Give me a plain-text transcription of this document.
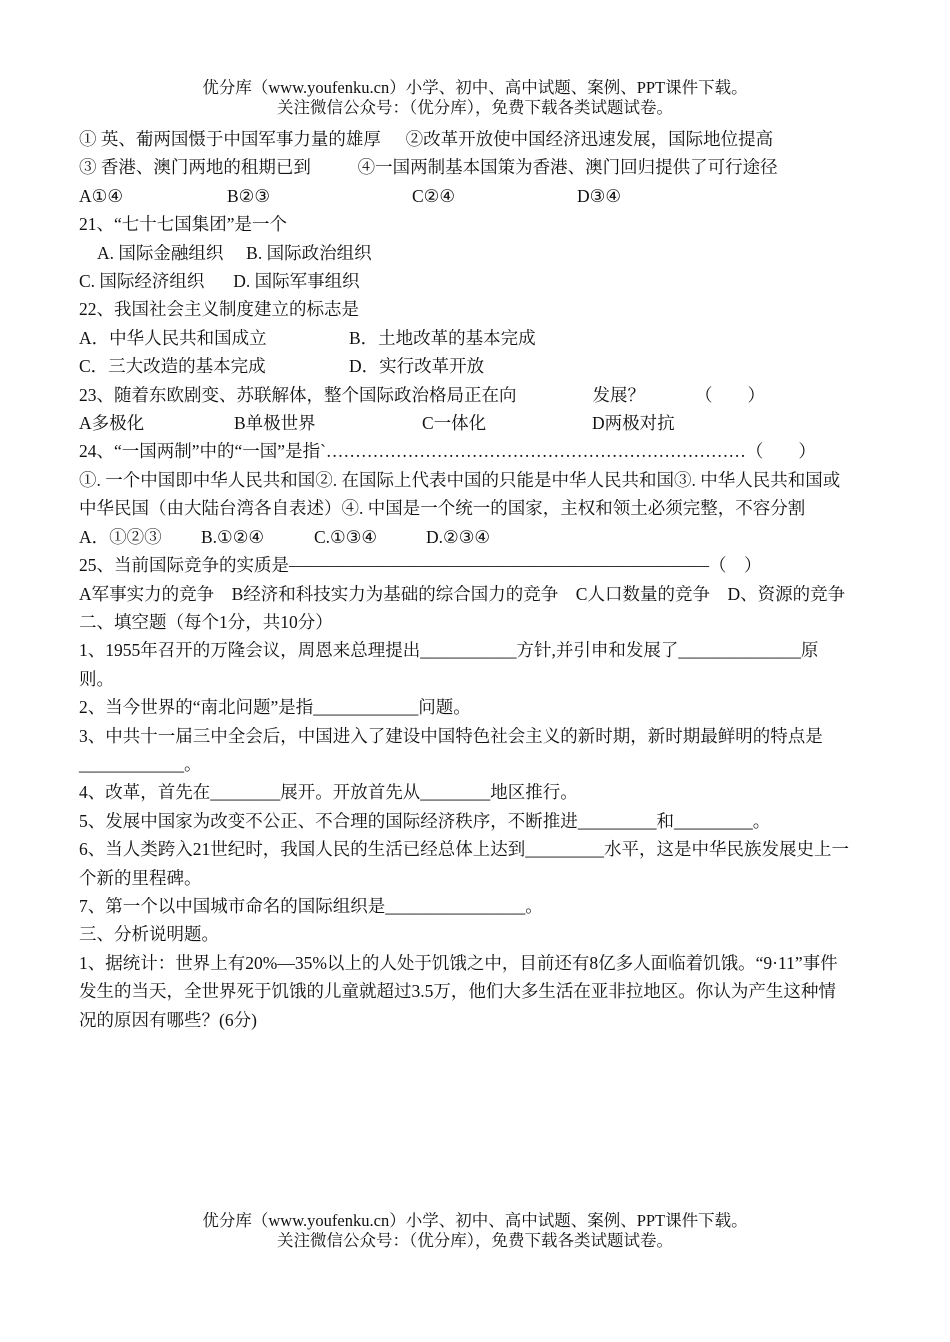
优分库（www.youfenku.cn）小学、初中、高中试题、案例、PPT课件下载。
关注微信公众号：（优分库），免费下载各类试题试卷。
① 英、葡两国慑于中国军事力量的雄厚 ②改革开放使中国经济迅速发展，国际地位提高
③ 香港、澳门两地的租期已到	④一国两制基本国策为香港、澳门回归提供了可行途径
A①④	B②③	C②④	D③④
21、“七十七国集团”是一个
A. 国际金融组织 B. 国际政治组织
C. 国际经济组织 D. 国际军事组织
22、我国社会主义制度建立的标志是
A．中华人民共和国成立	B．土地改革的基本完成
C．三大改造的基本完成	D．实行改革开放
23、随着东欧剧变、苏联解体，整个国际政治格局正在向	发展？	（　　）
A多极化	B单极世界	C一体化	D两极对抗
24、“一国两制”中的“一国”是指`………………………………………………………………（　　）
①. 一个中国即中华人民共和国②. 在国际上代表中国的只能是中华人民共和国③. 中华人民共和国或中华民国（由大陆台湾各自表述）④. 中国是一个统一的国家，主权和领土必须完整，不容分割
A．①②③ B.①②④	C.①③④	D.②③④
25、当前国际竞争的实质是————————————————————————（　）
A军事实力的竞争　B经济和科技实力为基础的综合国力的竞争　C人口数量的竞争　D、资源的竞争
二、填空题（每个1分，共10分）
1、1955年召开的万隆会议，周恩来总理提出___________方针,并引申和发展了______________原则。
2、当今世界的“南北问题”是指____________问题。
3、中共十一届三中全会后，中国进入了建设中国特色社会主义的新时期，新时期最鲜明的特点是____________。
4、改革，首先在________展开。开放首先从________地区推行。
5、发展中国家为改变不公正、不合理的国际经济秩序，不断推进_________和_________。
6、当人类跨入21世纪时，我国人民的生活已经总体上达到_________水平，这是中华民族发展史上一个新的里程碑。
7、第一个以中国城市命名的国际组织是________________。
三、分析说明题。
1、据统计：世界上有20%—35%以上的人处于饥饿之中，目前还有8亿多人面临着饥饿。“9·11”事件发生的当天，全世界死于饥饿的儿童就超过3.5万，他们大多生活在亚非拉地区。你认为产生这种情况的原因有哪些？(6分)
优分库（www.youfenku.cn）小学、初中、高中试题、案例、PPT课件下载。
关注微信公众号：（优分库），免费下载各类试题试卷。
